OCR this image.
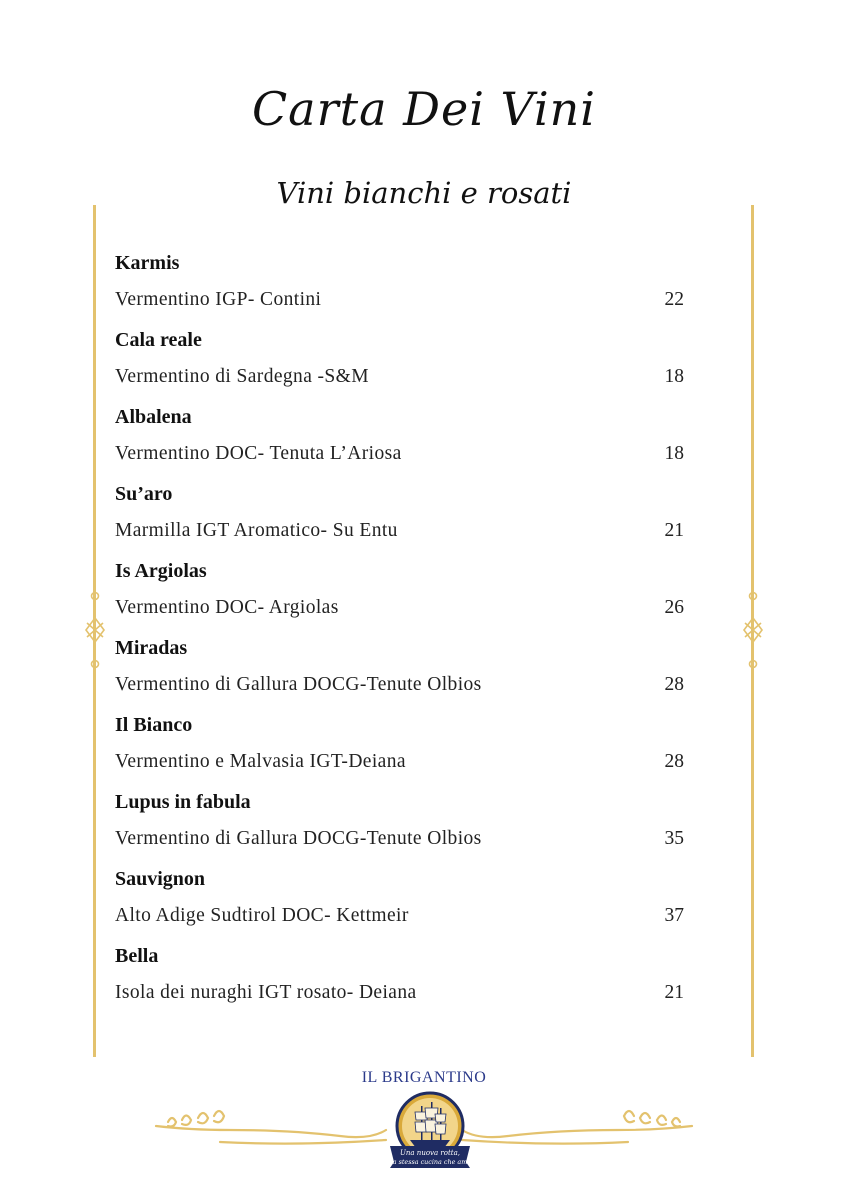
Carta Dei Vini
Vini bianchi e rosati
Karmis
Vermentino IGP- Contini	22
Cala reale
Vermentino di Sardegna -S&M	18
Albalena
Vermentino DOC- Tenuta L’Ariosa	18
Su’aro
Marmilla IGT Aromatico- Su Entu	21
Is Argiolas
Vermentino DOC- Argiolas	26
Miradas
Vermentino di Gallura DOCG-Tenute Olbios	28
Il Bianco
Vermentino e Malvasia IGT-Deiana	28
Lupus in fabula
Vermentino di Gallura DOCG-Tenute Olbios	35
Sauvignon
Alto Adige Sudtirol DOC- Kettmeir	37
Bella
Isola dei nuraghi IGT rosato- Deiana	21
IL BRIGANTINO
Una nuova rotta,
la stessa cucina che ami
